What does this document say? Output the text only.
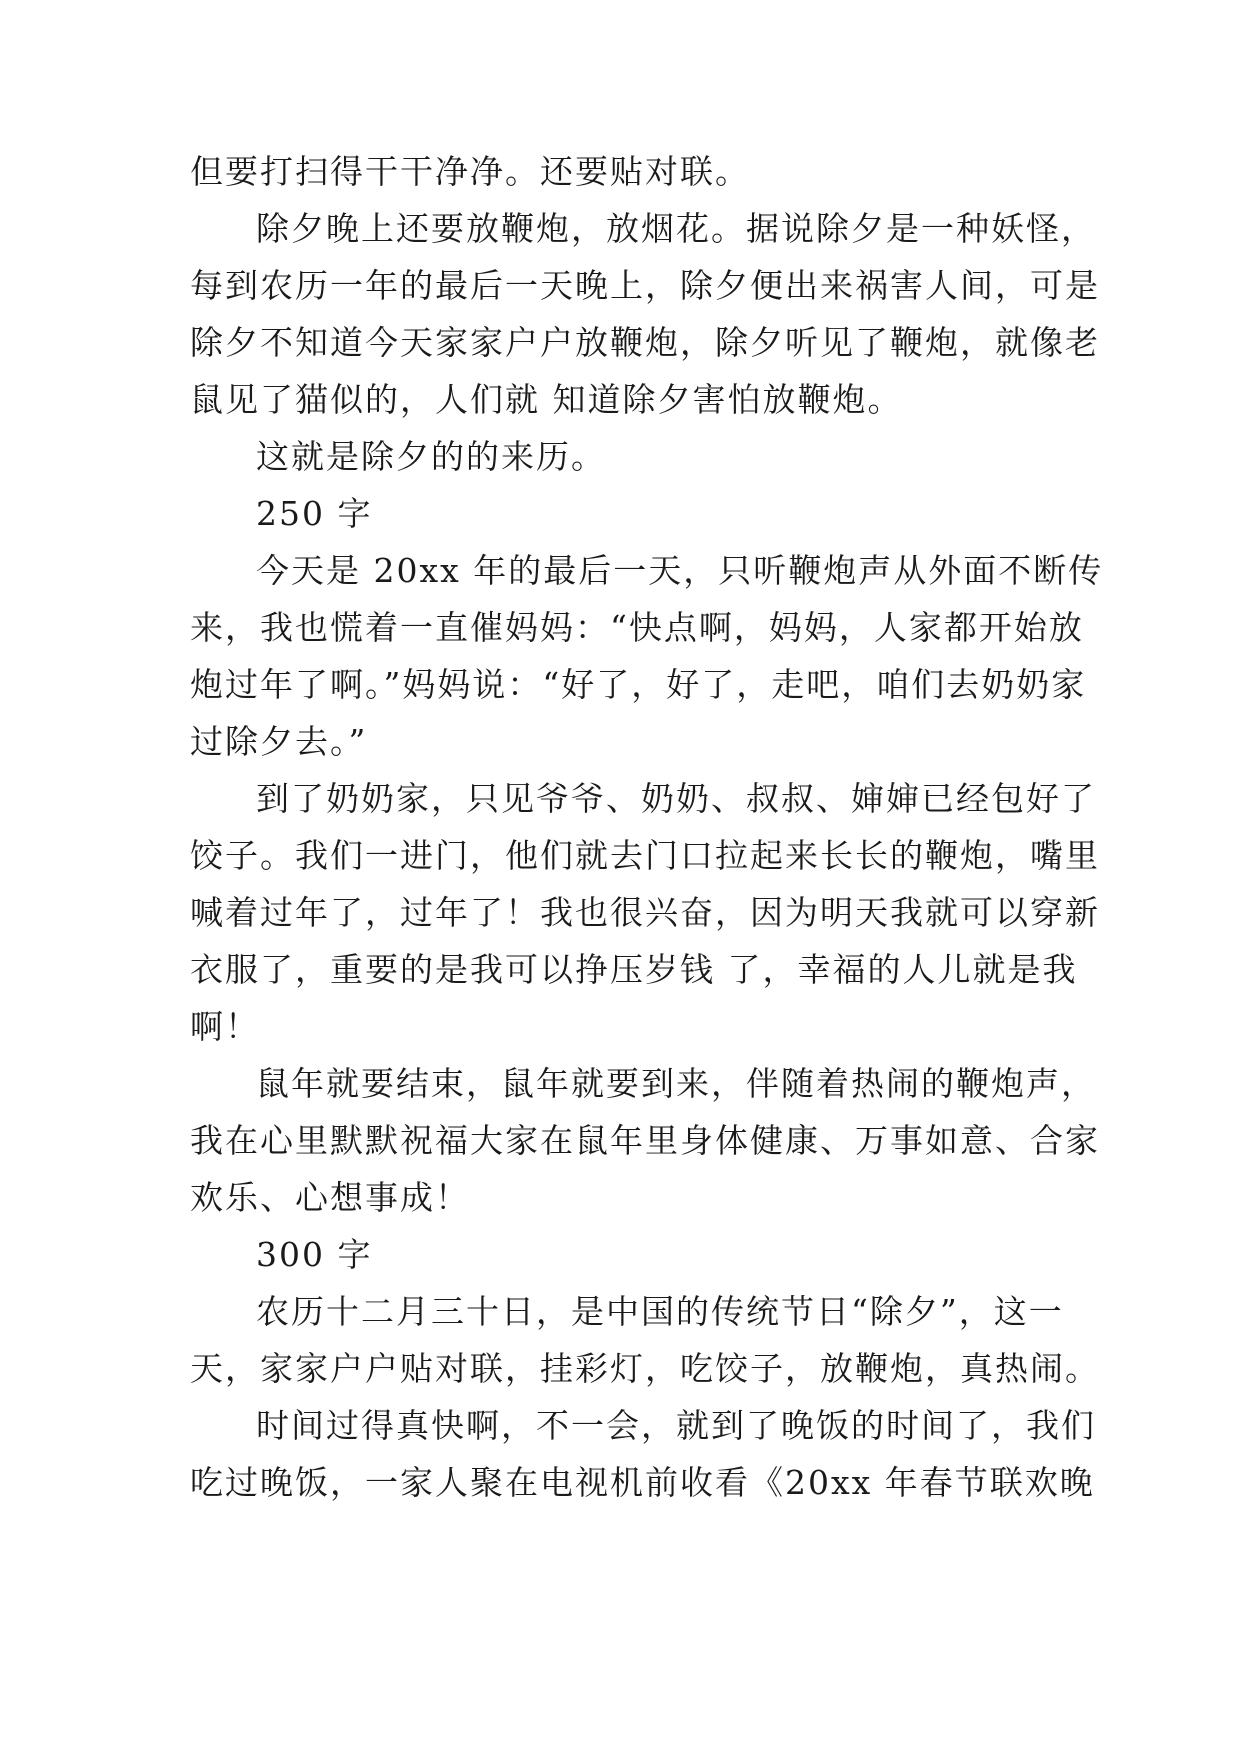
但要打扫得干干净净。还要贴对联。
除夕晚上还要放鞭炮，放烟花。据说除夕是一种妖怪，
每到农历一年的最后一天晚上，除夕便出来祸害人间，可是
除夕不知道今天家家户户放鞭炮，除夕听见了鞭炮，就像老
鼠见了猫似的，人们就 知道除夕害怕放鞭炮。
这就是除夕的的来历。
250 字
今天是 20xx 年的最后一天，只听鞭炮声从外面不断传
来，我也慌着一直催妈妈：“快点啊，妈妈，人家都开始放
炮过年了啊。”妈妈说：“好了，好了，走吧，咱们去奶奶家
过除夕去。”
到了奶奶家，只见爷爷、奶奶、叔叔、婶婶已经包好了
饺子。我们一进门，他们就去门口拉起来长长的鞭炮，嘴里
喊着过年了，过年了！我也很兴奋，因为明天我就可以穿新
衣服了，重要的是我可以挣压岁钱 了，幸福的人儿就是我
啊！
鼠年就要结束，鼠年就要到来，伴随着热闹的鞭炮声，
我在心里默默祝福大家在鼠年里身体健康、万事如意、合家
欢乐、心想事成！
300 字
农历十二月三十日，是中国的传统节日“除夕”，这一
天，家家户户贴对联，挂彩灯，吃饺子，放鞭炮，真热闹。
时间过得真快啊，不一会，就到了晚饭的时间了，我们
吃过晚饭，一家人聚在电视机前收看《20xx 年春节联欢晚
